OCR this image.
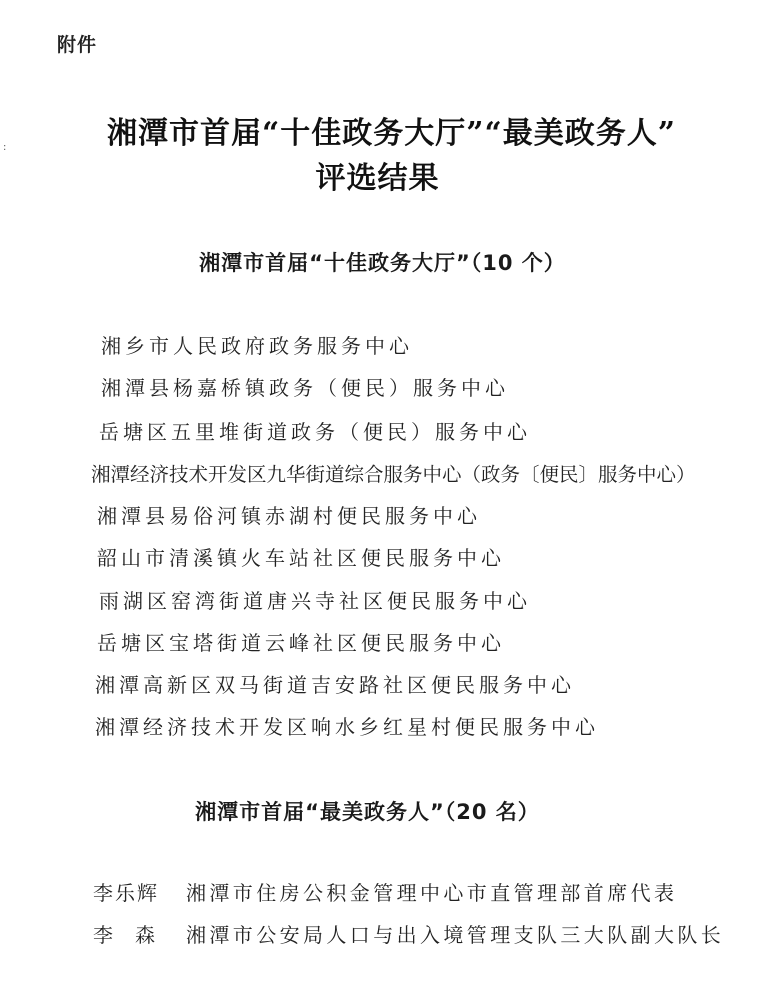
附件
:	湘潭市首届“十佳政务大厅”“最美政务人”
评选结果
湘潭市首届“十佳政务大厅”（10 个）
湘乡市人民政府政务服务中心
湘潭县杨嘉桥镇政务（便民）服务中心
岳塘区五里堆街道政务（便民）服务中心
湘潭经济技术开发区九华街道综合服务中心（政务〔便民〕服务中心）
湘潭县易俗河镇赤湖村便民服务中心
韶山市清溪镇火车站社区便民服务中心
雨湖区窑湾街道唐兴寺社区便民服务中心
岳塘区宝塔街道云峰社区便民服务中心
湘潭高新区双马街道吉安路社区便民服务中心
湘潭经济技术开发区响水乡红星村便民服务中心
湘潭市首届“最美政务人”（20 名）
李乐辉 湘潭市住房公积金管理中心市直管理部首席代表
李森 湘潭市公安局人口与出入境管理支队三大队副大队长
